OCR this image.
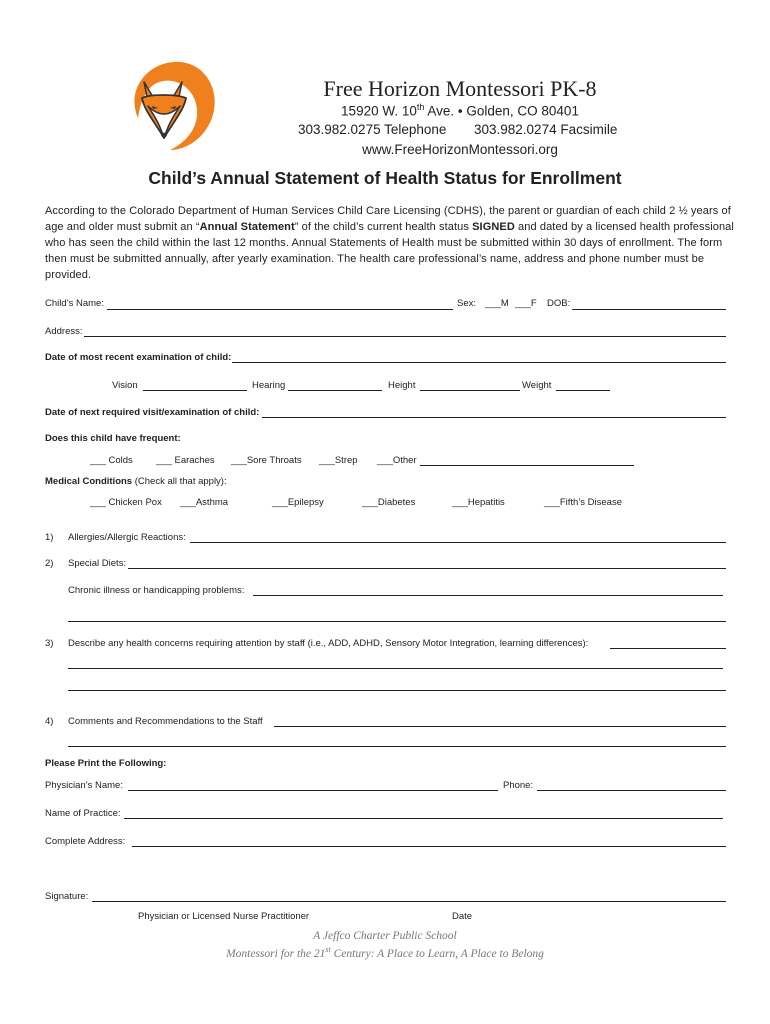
Free Horizon Montessori PK-8
15920 W. 10th Ave. • Golden, CO 80401
303.982.0275 Telephone 303.982.0274 Facsimile
www.FreeHorizonMontessori.org
Child’s Annual Statement of Health Status for Enrollment
According to the Colorado Department of Human Services Child Care Licensing (CDHS), the parent or guardian of each child 2 ½ years of age and older must submit an “Annual Statement” of the child’s current health status SIGNED and dated by a licensed health professional who has seen the child within the last 12 months. Annual Statements of Health must be submitted within 30 days of enrollment. The form then must be submitted annually, after yearly examination. The health care professional’s name, address and phone number must be provided.
Child’s Name:	Sex: ___M ___F DOB:
Address:
Date of most recent examination of child:
Vision	Hearing	Height	Weight
Date of next required visit/examination of child:
Does this child have frequent:
___ Colds ___ Earaches ___Sore Throats ___Strep ___Other
Medical Conditions (Check all that apply):
___ Chicken Pox ___Asthma	___Epilepsy	___Diabetes	___Hepatitis	___Fifth’s Disease
1) Allergies/Allergic Reactions:
2) Special Diets:
Chronic illness or handicapping problems:
3) Describe any health concerns requiring attention by staff (i.e., ADD, ADHD, Sensory Motor Integration, learning differences):
4) Comments and Recommendations to the Staff
Please Print the Following:
Physician’s Name:	Phone:
Name of Practice:
Complete Address:
Signature:
Physician or Licensed Nurse Practitioner	Date
A Jeffco Charter Public School
Montessori for the 21st Century: A Place to Learn, A Place to Belong
